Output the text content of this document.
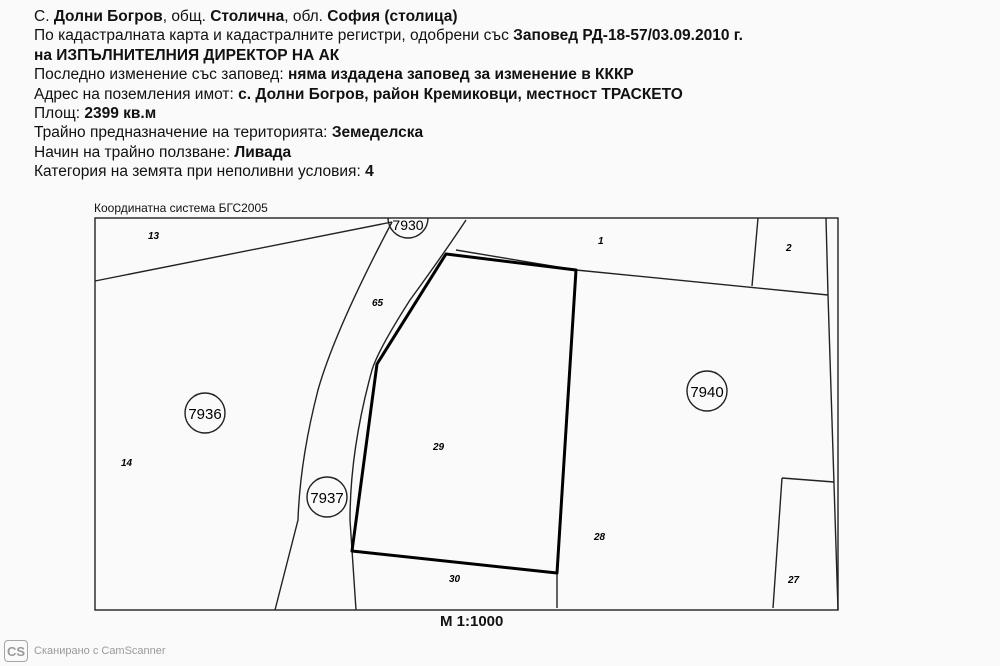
С. Долни Богров, общ. Столична, обл. София (столица)
По кадастралната карта и кадастралните регистри, одобрени със Заповед РД-18-57/03.09.2010 г.
на ИЗПЪЛНИТЕЛНИЯ ДИРЕКТОР НА АК
Последно изменение със заповед: няма издадена заповед за изменение в КККР
Адрес на поземления имот: с. Долни Богров, район Кремиковци, местност ТРАСКЕТО
Площ: 2399 кв.м
Трайно предназначение на територията: Земеделска
Начин на трайно ползване: Ливада
Категория на земята при неполивни условия: 4
Координатна система БГС2005
7936
7937
7940
7930
13	1
2
65
14
29
28
30	27
М 1:1000
CS Сканирано с CamScanner
